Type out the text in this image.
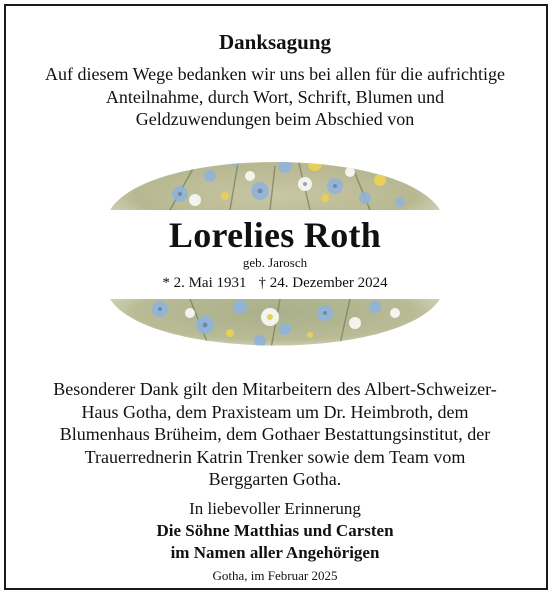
Danksagung
Auf diesem Wege bedanken wir uns bei allen für die aufrichtige
Anteilnahme, durch Wort, Schrift, Blumen und
Geldzuwendungen beim Abschied von
Lorelies Roth
geb. Jarosch
* 2. Mai 1931 † 24. Dezember 2024
Besonderer Dank gilt den Mitarbeitern des Albert-Schweizer-
Haus Gotha, dem Praxisteam um Dr. Heimbroth, dem
Blumenhaus Brüheim, dem Gothaer Bestattungsinstitut, der
Trauerrednerin Katrin Trenker sowie dem Team vom
Berggarten Gotha.
In liebevoller Erinnerung
Die Söhne Matthias und Carsten
im Namen aller Angehörigen
Gotha, im Februar 2025
